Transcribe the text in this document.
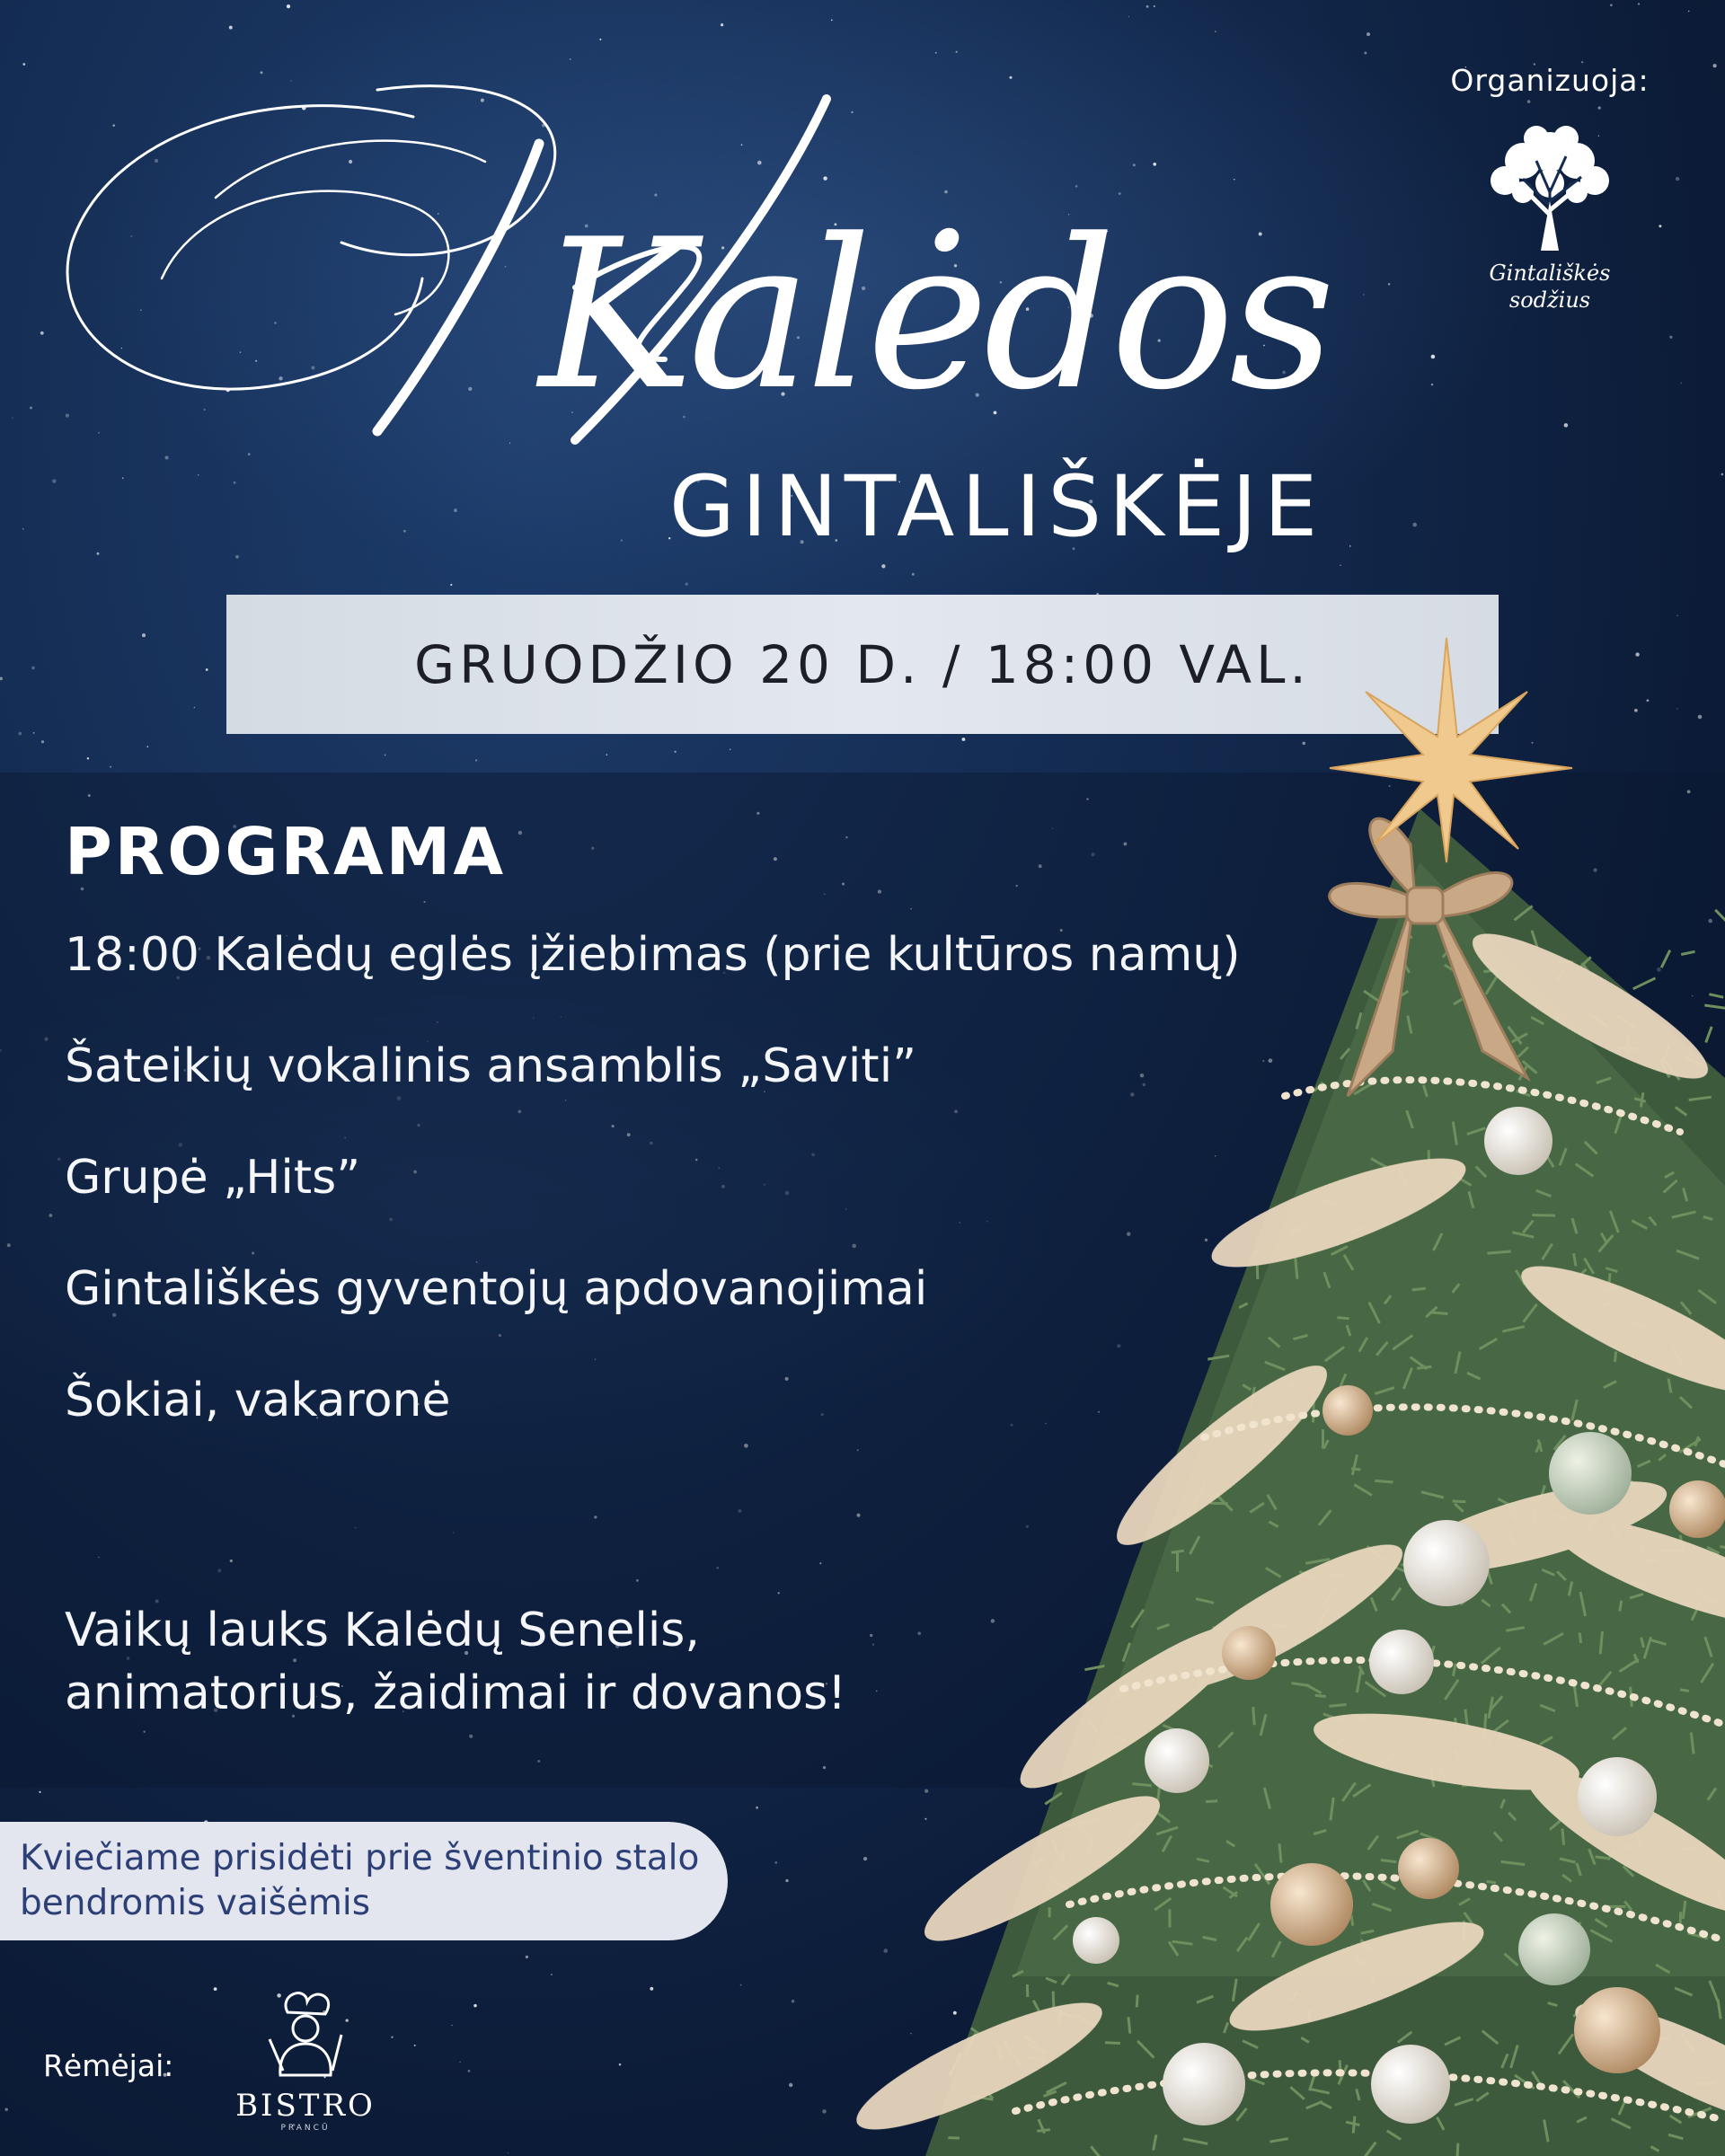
Kalėdos
GINTALIŠKĖJE
GRUODŽIO 20 D. / 18:00 VAL.
Organizuoja:
Gintališkės
sodžius
PROGRAMA
18:00 Kalėdų eglės įžiebimas (prie kultūros namų)
Šateikių vokalinis ansamblis „Saviti”
Grupė „Hits”
Gintališkės gyventojų apdovanojimai
Šokiai, vakaronė
Vaikų lauks Kalėdų Senelis, animatorius, žaidimai ir dovanos!
Kviečiame prisidėti prie šventinio stalo bendromis vaišėmis
Rėmėjai:
BISTRO
PRANCŪ
